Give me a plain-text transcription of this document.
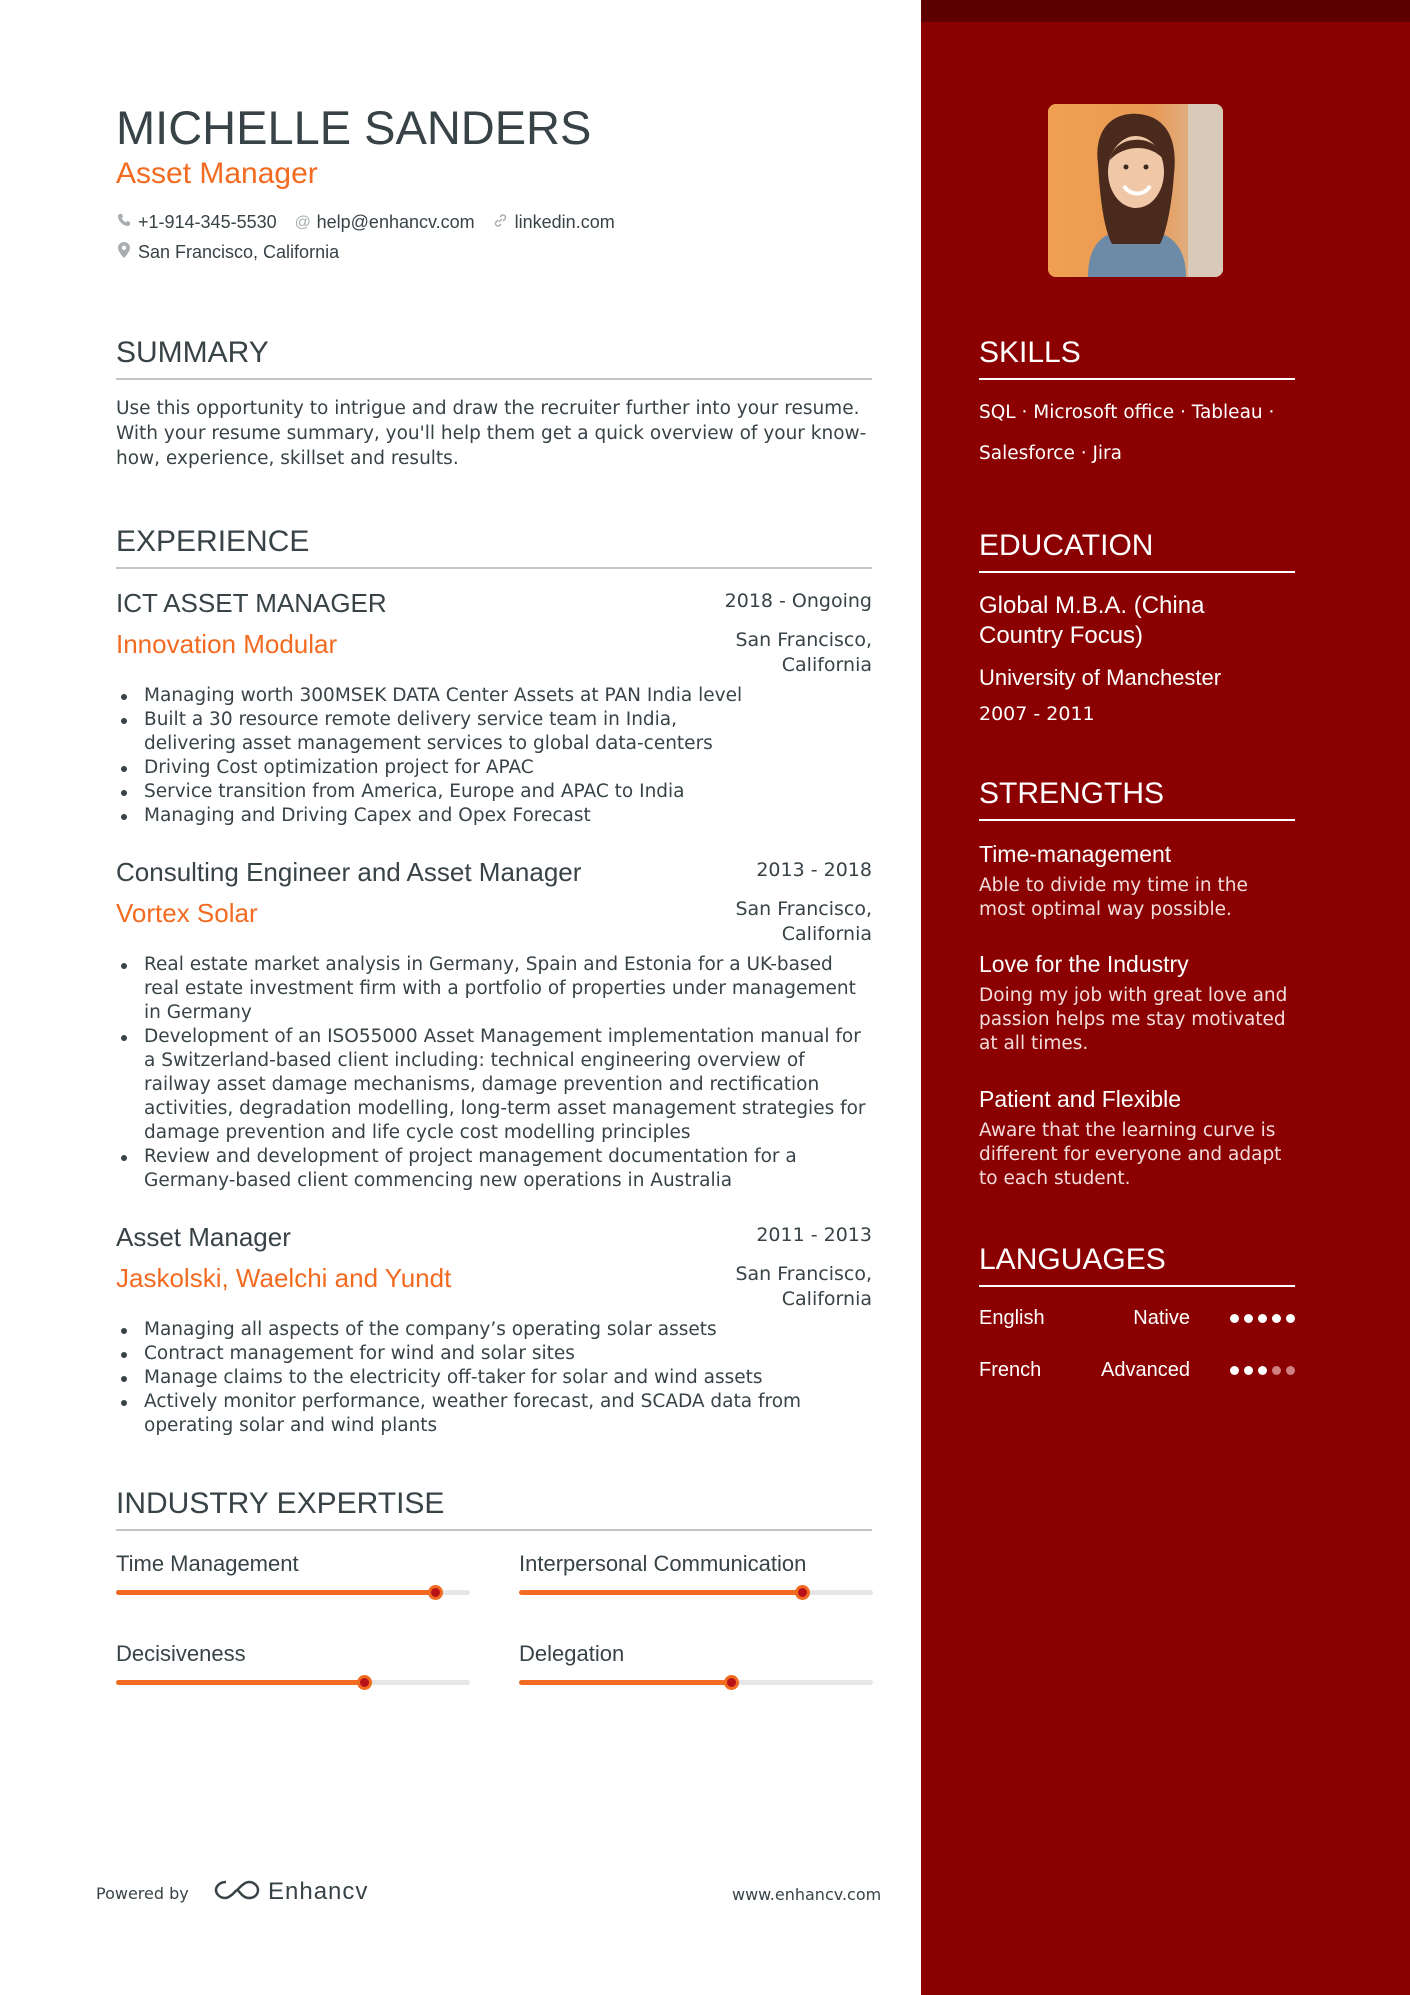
MICHELLE SANDERS
Asset Manager
+1-914-345-5530 @ help@enhancv.com linkedin.com
San Francisco, California
SUMMARY
Use this opportunity to intrigue and draw the recruiter further into your resume. With your resume summary, you'll help them get a quick overview of your know-how, experience, skillset and results.
EXPERIENCE
ICT ASSET MANAGER	2018 - Ongoing
Innovation Modular	San Francisco, California
Managing worth 300MSEK DATA Center Assets at PAN India level
Built a 30 resource remote delivery service team in India, delivering asset management services to global data-centers
Driving Cost optimization project for APAC
Service transition from America, Europe and APAC to India
Managing and Driving Capex and Opex Forecast
Consulting Engineer and Asset Manager	2013 - 2018
Vortex Solar	San Francisco, California
Real estate market analysis in Germany, Spain and Estonia for a UK-based real estate investment firm with a portfolio of properties under management in Germany
Development of an ISO55000 Asset Management implementation manual for a Switzerland-based client including: technical engineering overview of railway asset damage mechanisms, damage prevention and rectification activities, degradation modelling, long-term asset management strategies for damage prevention and life cycle cost modelling principles
Review and development of project management documentation for a Germany-based client commencing new operations in Australia
Asset Manager	2011 - 2013
Jaskolski, Waelchi and Yundt	San Francisco, California
Managing all aspects of the company’s operating solar assets
Contract management for wind and solar sites
Manage claims to the electricity off-taker for solar and wind assets
Actively monitor performance, weather forecast, and SCADA data from operating solar and wind plants
INDUSTRY EXPERTISE
Time Management	Interpersonal Communication
Decisiveness	Delegation
Powered by	Enhancv	www.enhancv.com
SKILLS
SQL · Microsoft office · Tableau · Salesforce · Jira
EDUCATION
Global M.B.A. (China Country Focus)
University of Manchester
2007 - 2011
STRENGTHS
Time-management
Able to divide my time in the most optimal way possible.
Love for the Industry
Doing my job with great love and passion helps me stay motivated at all times.
Patient and Flexible
Aware that the learning curve is different for everyone and adapt to each student.
LANGUAGES
English	Native
French	Advanced
